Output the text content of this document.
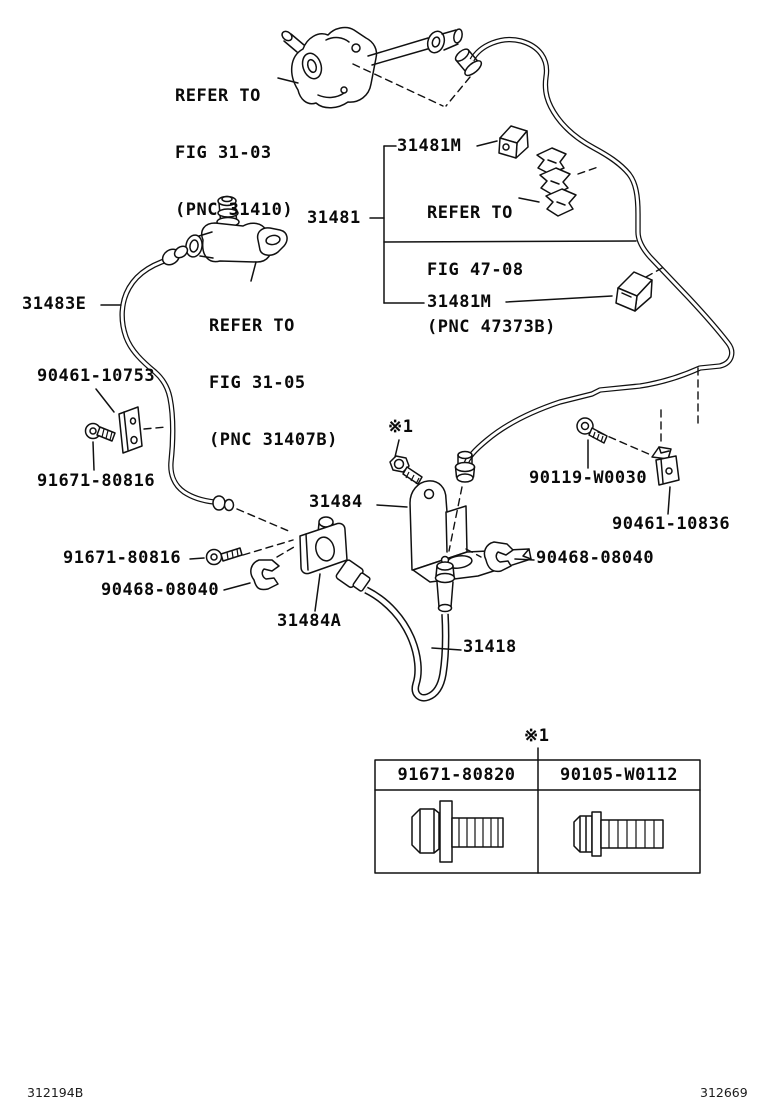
REFER TO

FIG 31-03

(PNC 31410)

31481M

REFER TO

FIG 47-08

(PNC 47373B)

31481
31481M
31483E

REFER TO

FIG 31-05

(PNC 31407B)

90461-10753
91671-80816
※1
31484
90119-W0030
90461-10836
91671-80816
90468-08040
31484A
90468-08040
31418
※1
91671-80820	90105-W0112
312194B	312669
